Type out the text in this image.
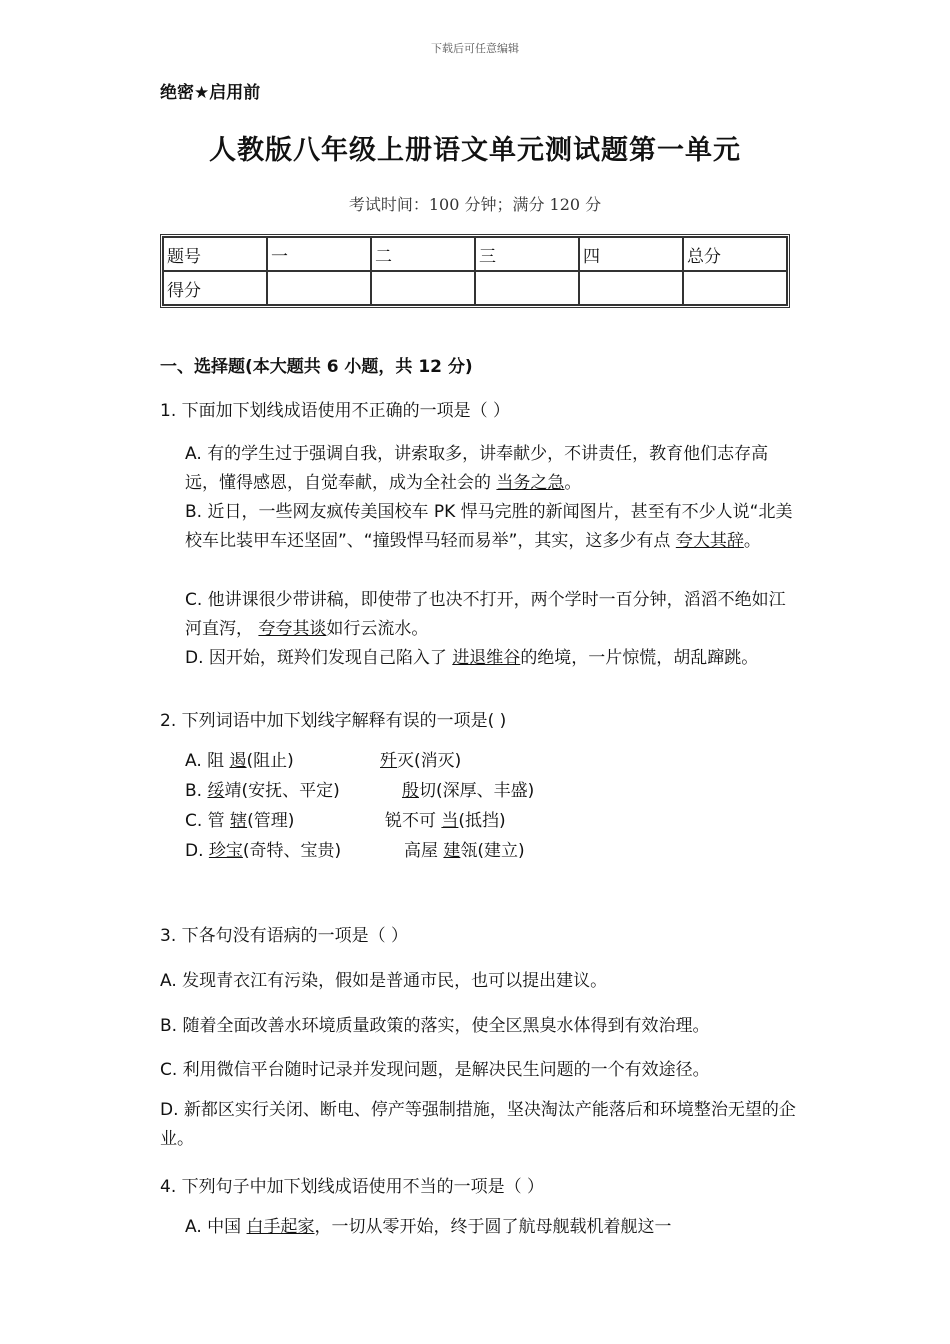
下载后可任意编辑
绝密★启用前
人教版八年级上册语文单元测试题第一单元
考试时间：100 分钟；满分 120 分
题号	一	二	三	四	总分
得分					
一、选择题(本大题共 6 小题，共 12 分)
1. 下面加下划线成语使用不正确的一项是（ ）
A. 有的学生过于强调自我，讲索取多，讲奉献少，不讲责任，教育他们志存高远，懂得感恩，自觉奉献，成为全社会的 当务之急。
B. 近日，一些网友疯传美国校车 PK 悍马完胜的新闻图片，甚至有不少人说“北美校车比装甲车还坚固”、“撞毁悍马轻而易举”，其实，这多少有点 夸大其辞。
C. 他讲课很少带讲稿，即使带了也决不打开，两个学时一百分钟，滔滔不绝如江河直泻， 夸夸其谈如行云流水。
D. 因开始，斑羚们发现自己陷入了 进退维谷的绝境，一片惊慌，胡乱蹿跳。
2. 下列词语中加下划线字解释有误的一项是( )
A. 阻 遏(阻止)	歼灭(消灭)
B. 绥靖(安抚、平定)	殷切(深厚、丰盛)
C. 管 辖(管理)	锐不可 当(抵挡)
D. 珍宝(奇特、宝贵)	高屋 建瓴(建立)
3. 下各句没有语病的一项是（ ）
A. 发现青衣江有污染，假如是普通市民，也可以提出建议。
B. 随着全面改善水环境质量政策的落实，使全区黑臭水体得到有效治理。
C. 利用微信平台随时记录并发现问题，是解决民生问题的一个有效途径。
D. 新都区实行关闭、断电、停产等强制措施，坚决淘汰产能落后和环境整治无望的企业。
4. 下列句子中加下划线成语使用不当的一项是（ ）
A. 中国 白手起家，一切从零开始，终于圆了航母舰载机着舰这一
